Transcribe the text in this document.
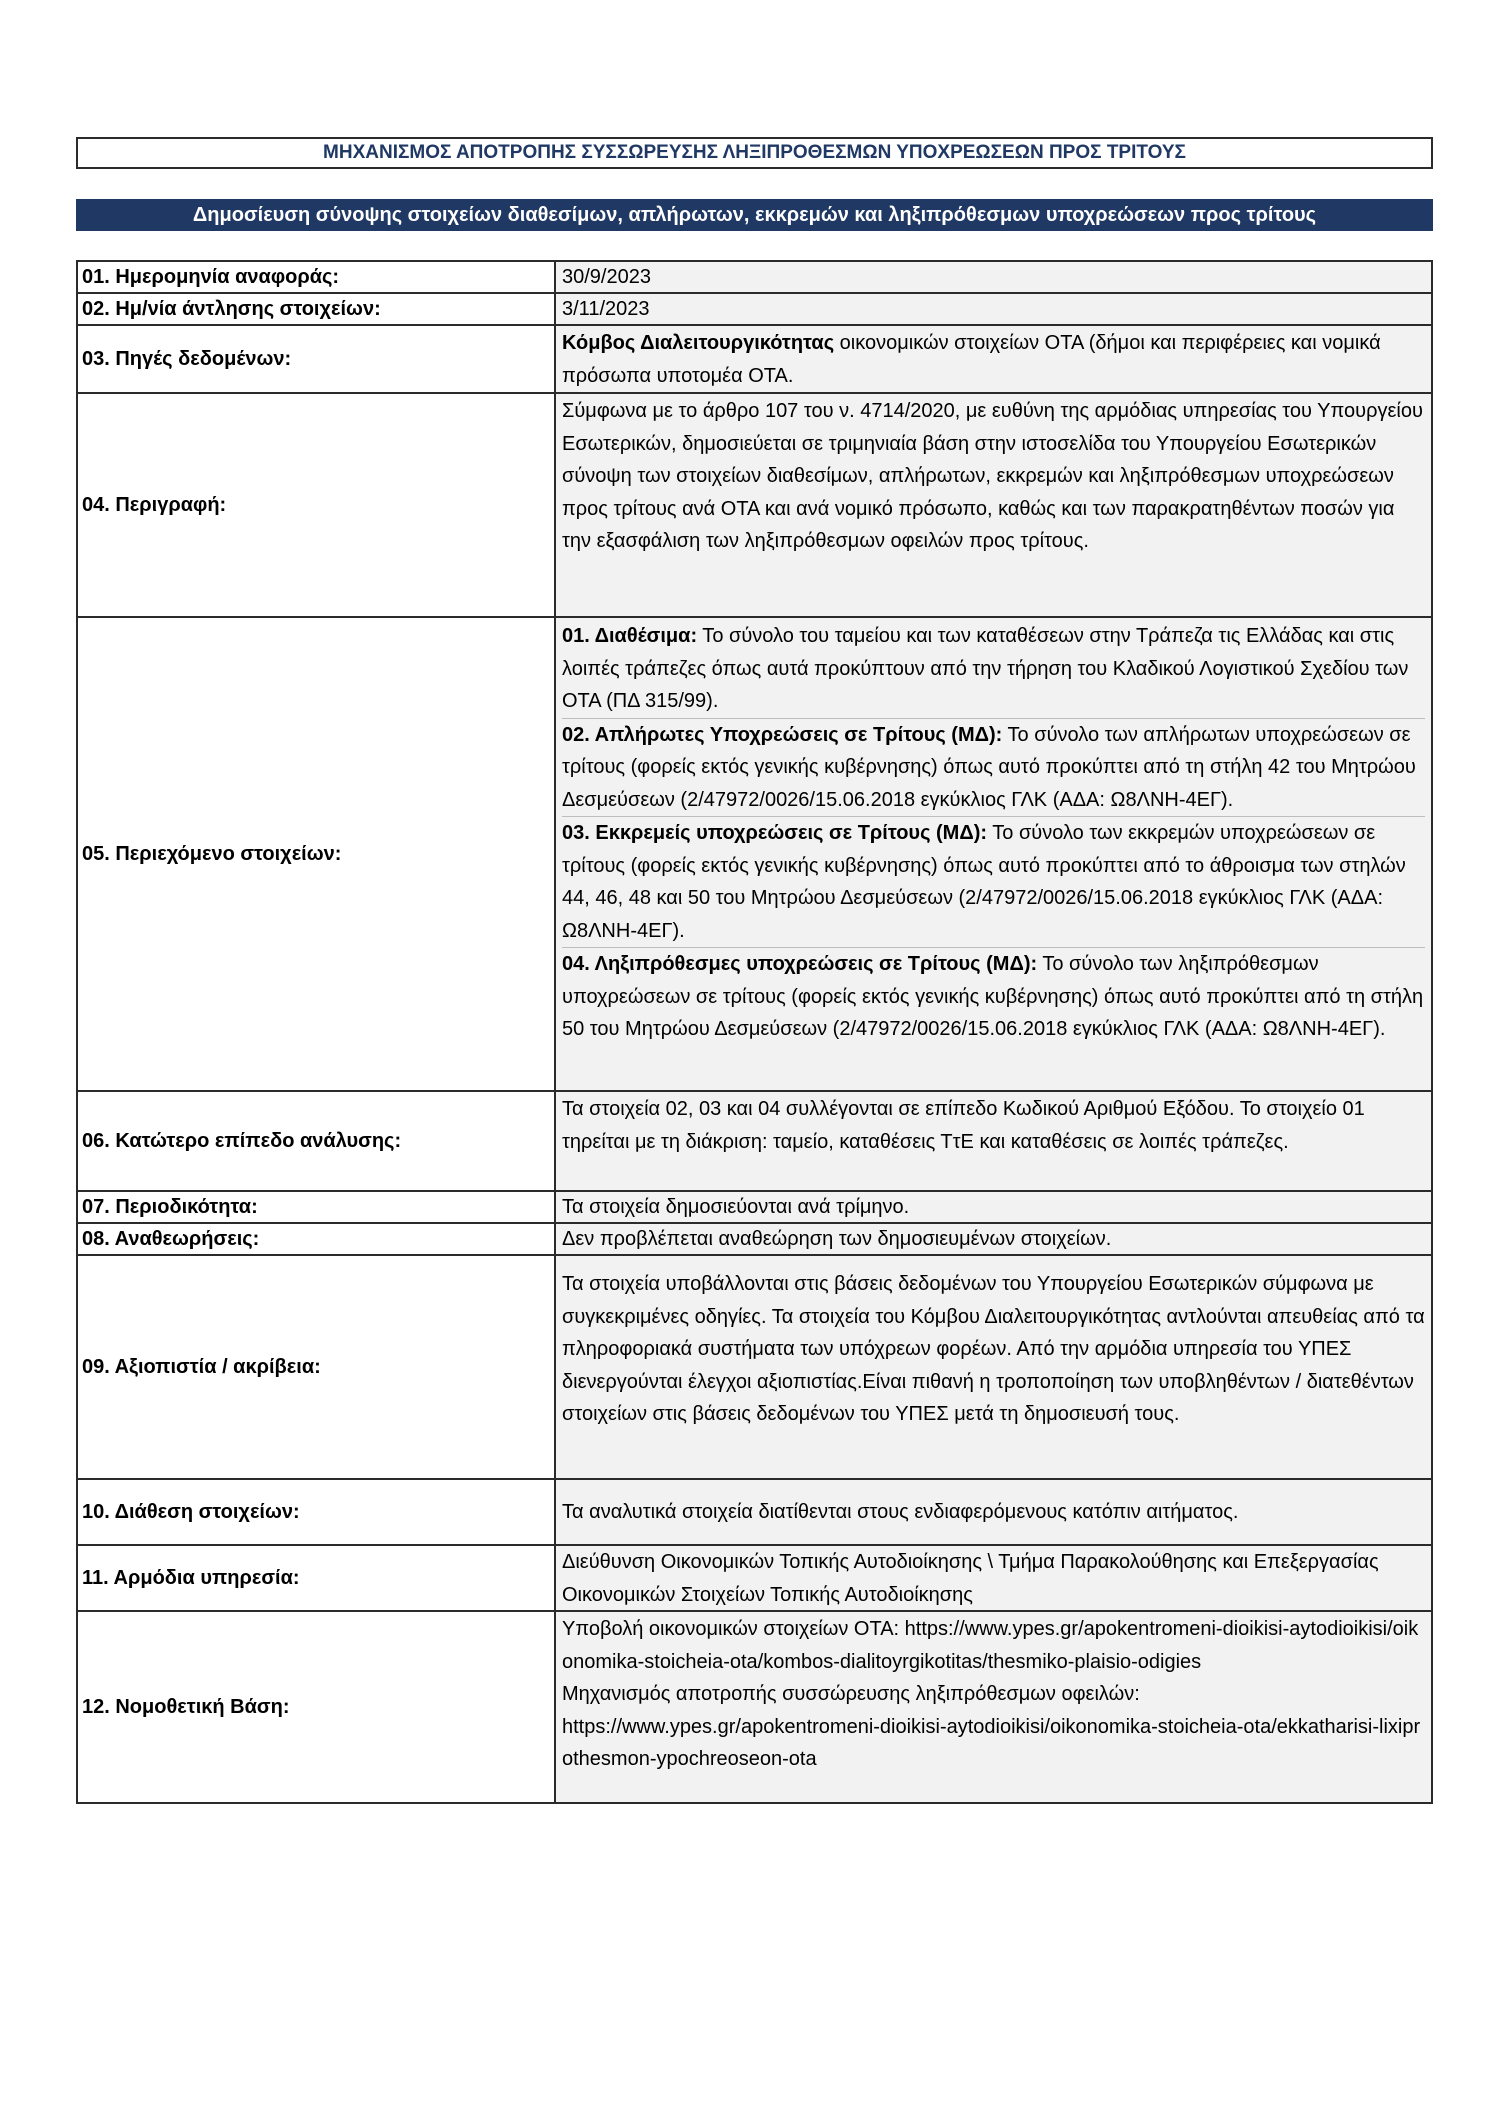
ΜΗΧΑΝΙΣΜΟΣ ΑΠΟΤΡΟΠΗΣ ΣΥΣΣΩΡΕΥΣΗΣ ΛΗΞΙΠΡΟΘΕΣΜΩΝ ΥΠΟΧΡΕΩΣΕΩΝ ΠΡΟΣ ΤΡΙΤΟΥΣ
Δημοσίευση σύνοψης στοιχείων διαθεσίμων, απλήρωτων, εκκρεμών και ληξιπρόθεσμων υποχρεώσεων προς τρίτους
01. Ημερομηνία αναφοράς:	30/9/2023
02. Ημ/νία άντλησης στοιχείων:	3/11/2023
03. Πηγές δεδομένων:
Κόμβος Διαλειτουργικότητας οικονομικών στοιχείων ΟΤΑ (δήμοι και περιφέρειες και νομικά πρόσωπα υποτομέα ΟΤΑ.
04. Περιγραφή:
Σύμφωνα με το άρθρο 107 του ν. 4714/2020, με ευθύνη της αρμόδιας υπηρεσίας του Υπουργείου Εσωτερικών, δημοσιεύεται σε τριμηνιαία βάση στην ιστοσελίδα του Υπουργείου Εσωτερικών σύνοψη των στοιχείων διαθεσίμων, απλήρωτων, εκκρεμών και ληξιπρόθεσμων υποχρεώσεων προς τρίτους ανά ΟΤΑ και ανά νομικό πρόσωπο, καθώς και των παρακρατηθέντων ποσών για την εξασφάλιση των ληξιπρόθεσμων οφειλών προς τρίτους.
05. Περιεχόμενο στοιχείων:
01. Διαθέσιμα: Το σύνολο του ταμείου και των καταθέσεων στην Τράπεζα τις Ελλάδας και στις λοιπές τράπεζες όπως αυτά προκύπτουν από την τήρηση του Κλαδικού Λογιστικού Σχεδίου των ΟΤΑ (ΠΔ 315/99).
02. Απλήρωτες Υποχρεώσεις σε Τρίτους (ΜΔ): Το σύνολο των απλήρωτων υποχρεώσεων σε τρίτους (φορείς εκτός γενικής κυβέρνησης) όπως αυτό προκύπτει από τη στήλη 42 του Μητρώου Δεσμεύσεων (2/47972/0026/15.06.2018 εγκύκλιος ΓΛΚ (ΑΔΑ: Ω8ΛΝΗ-4ΕΓ).
03. Εκκρεμείς υποχρεώσεις σε Τρίτους (ΜΔ): Το σύνολο των εκκρεμών υποχρεώσεων σε τρίτους (φορείς εκτός γενικής κυβέρνησης) όπως αυτό προκύπτει από το άθροισμα των στηλών 44, 46, 48 και 50 του Μητρώου Δεσμεύσεων (2/47972/0026/15.06.2018 εγκύκλιος ΓΛΚ (ΑΔΑ: Ω8ΛΝΗ-4ΕΓ).
04. Ληξιπρόθεσμες υποχρεώσεις σε Τρίτους (ΜΔ): Το σύνολο των ληξιπρόθεσμων υποχρεώσεων σε τρίτους (φορείς εκτός γενικής κυβέρνησης) όπως αυτό προκύπτει από τη στήλη 50 του Μητρώου Δεσμεύσεων (2/47972/0026/15.06.2018 εγκύκλιος ΓΛΚ (ΑΔΑ: Ω8ΛΝΗ-4ΕΓ).
06. Κατώτερο επίπεδο ανάλυσης:
Τα στοιχεία 02, 03 και 04 συλλέγονται σε επίπεδο Κωδικού Αριθμού Εξόδου. Το στοιχείο 01 τηρείται με τη διάκριση: ταμείο, καταθέσεις ΤτΕ και καταθέσεις σε λοιπές τράπεζες.
07. Περιοδικότητα:	Τα στοιχεία δημοσιεύονται ανά τρίμηνο.
08. Αναθεωρήσεις:	Δεν προβλέπεται αναθεώρηση των δημοσιευμένων στοιχείων.
09. Αξιοπιστία / ακρίβεια:
Τα στοιχεία υποβάλλονται στις βάσεις δεδομένων του Υπουργείου Εσωτερικών σύμφωνα με συγκεκριμένες οδηγίες. Τα στοιχεία του Κόμβου Διαλειτουργικότητας αντλούνται απευθείας από τα πληροφοριακά συστήματα των υπόχρεων φορέων. Από την αρμόδια υπηρεσία του ΥΠΕΣ διενεργούνται έλεγχοι αξιοπιστίας.Είναι πιθανή η τροποποίηση των υποβληθέντων / διατεθέντων στοιχείων στις βάσεις δεδομένων του ΥΠΕΣ μετά τη δημοσιευσή τους.
10. Διάθεση στοιχείων:	Τα αναλυτικά στοιχεία διατίθενται στους ενδιαφερόμενους κατόπιν αιτήματος.
11. Αρμόδια υπηρεσία:
Διεύθυνση Οικονομικών Τοπικής Αυτοδιοίκησης \ Τμήμα Παρακολούθησης και Επεξεργασίας Οικονομικών Στοιχείων Τοπικής Αυτοδιοίκησης
12. Νομοθετική Βάση:
Υποβολή οικονομικών στοιχείων ΟΤΑ: https://www.ypes.gr/apokentromeni-dioikisi-aytodioikisi/oikonomika-stoicheia-ota/kombos-dialitoyrgikotitas/thesmiko-plaisio-odigies
Μηχανισμός αποτροπής συσσώρευσης ληξιπρόθεσμων οφειλών:
https://www.ypes.gr/apokentromeni-dioikisi-aytodioikisi/oikonomika-stoicheia-ota/ekkatharisi-lixiprothesmon-ypochreoseon-ota
